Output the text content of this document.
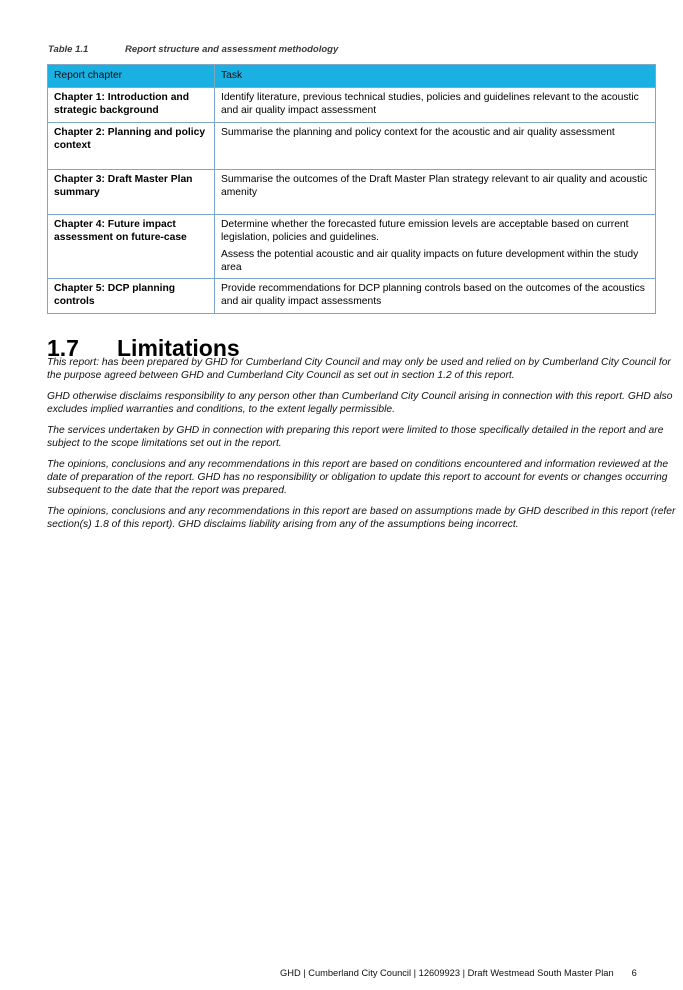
Table 1.1	Report structure and assessment methodology
Report chapter	Task
Chapter 1: Introduction and strategic background	Identify literature, previous technical studies, policies and guidelines relevant to the acoustic and air quality impact assessment

Chapter 2: Planning and policy context	Summarise the planning and policy context for the acoustic and air quality assessment

Chapter 3: Draft Master Plan summary	Summarise the outcomes of the Draft Master Plan strategy relevant to air quality and acoustic amenity

Chapter 4: Future impact assessment on future-case	Determine whether the forecasted future emission levels are acceptable based on current legislation, policies and guidelines.
Assess the potential acoustic and air quality impacts on future development within the study area

Chapter 5: DCP planning controls	Provide recommendations for DCP planning controls based on the outcomes of the acoustics and air quality impact assessments
1.7 Limitations

This report: has been prepared by GHD for Cumberland City Council and may only be used and relied on by Cumberland City Council for the purpose agreed between GHD and Cumberland City Council as set out in section 1.2 of this report.

GHD otherwise disclaims responsibility to any person other than Cumberland City Council arising in connection with this report. GHD also excludes implied warranties and conditions, to the extent legally permissible.

The services undertaken by GHD in connection with preparing this report were limited to those specifically detailed in the report and are subject to the scope limitations set out in the report.

The opinions, conclusions and any recommendations in this report are based on conditions encountered and information reviewed at the date of preparation of the report. GHD has no responsibility or obligation to update this report to account for events or changes occurring subsequent to the date that the report was prepared.

The opinions, conclusions and any recommendations in this report are based on assumptions made by GHD described in this report (refer section(s) 1.8 of this report). GHD disclaims liability arising from any of the assumptions being incorrect.

GHD | Cumberland City Council | 12609923 | Draft Westmead South Master Plan 6
